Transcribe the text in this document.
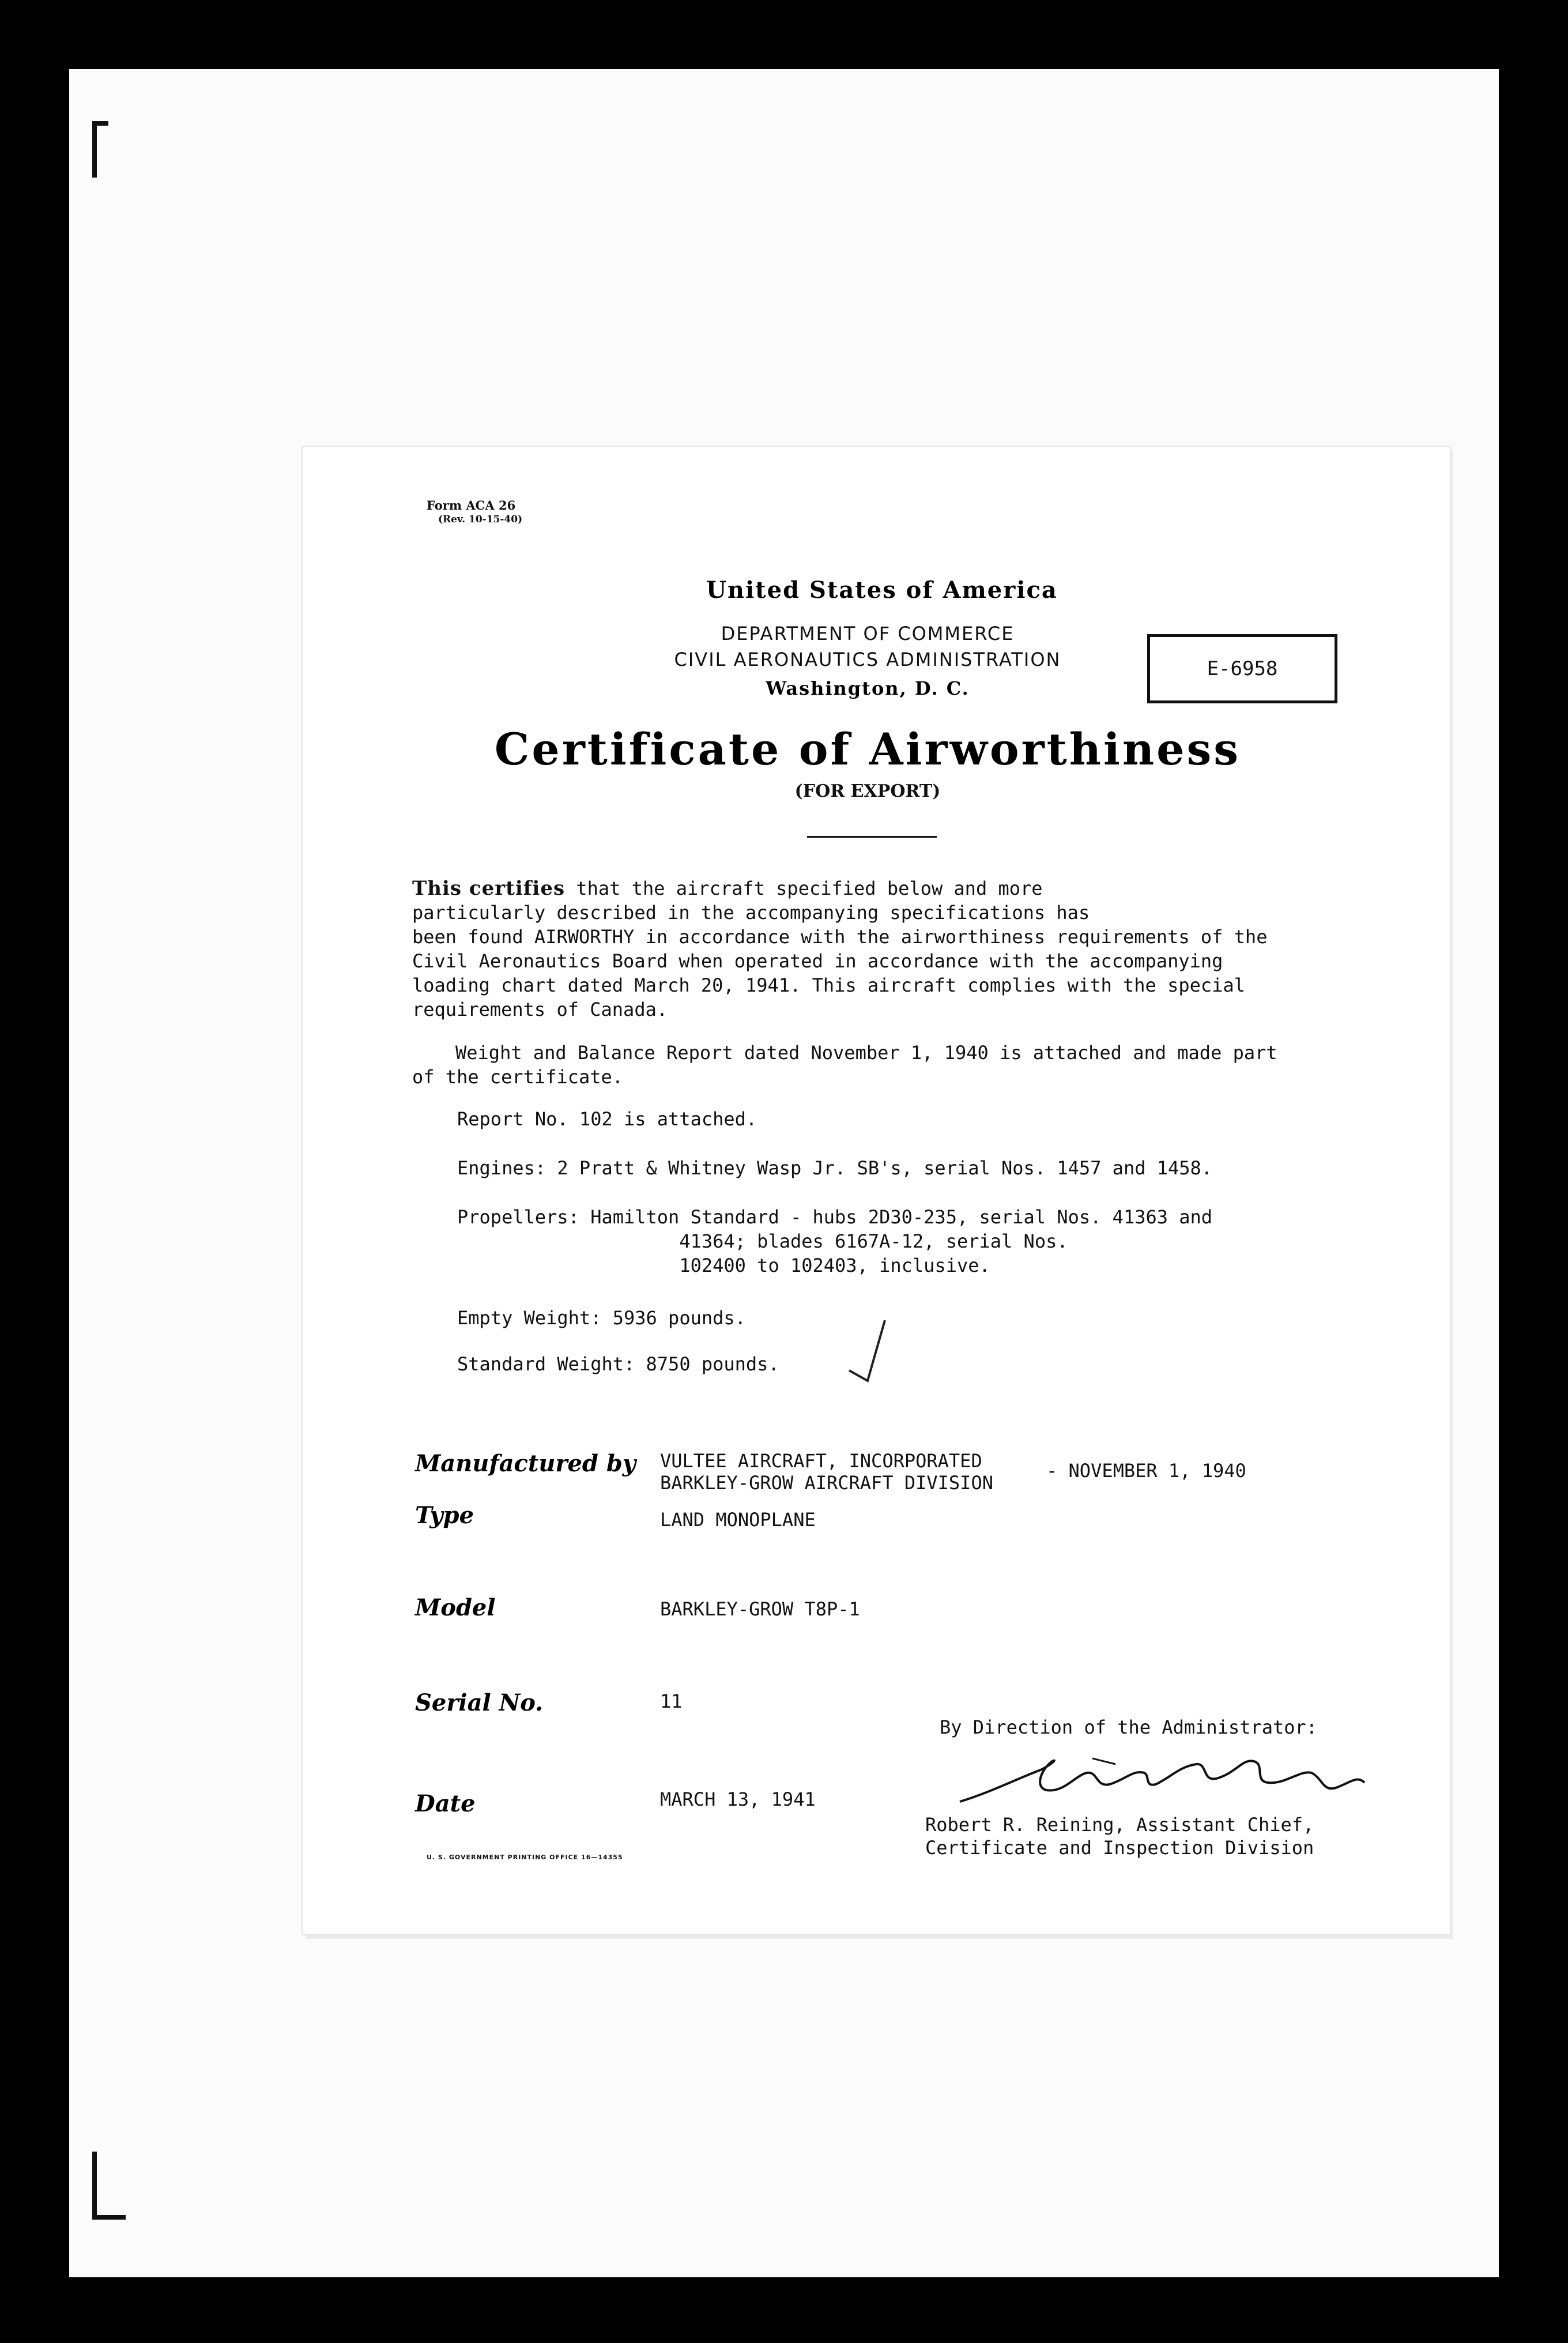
Form ACA 26
(Rev. 10-15-40)
United States of America
DEPARTMENT OF COMMERCE
CIVIL AERONAUTICS ADMINISTRATION
Washington, D. C.
E-6958
Certificate of Airworthiness
(FOR EXPORT)
This certifies that the aircraft specified below and more
particularly described in the accompanying specifications has
been found AIRWORTHY in accordance with the airworthiness requirements of the
Civil Aeronautics Board when operated in accordance with the accompanying
loading chart dated March 20, 1941. This aircraft complies with the special
requirements of Canada.
Weight and Balance Report dated November 1, 1940 is attached and made part
of the certificate.
Report No. 102 is attached.
Engines: 2 Pratt & Whitney Wasp Jr. SB's, serial Nos. 1457 and 1458.
Propellers: Hamilton Standard - hubs 2D30-235, serial Nos. 41363 and
41364; blades 6167A-12, serial Nos.
102400 to 102403, inclusive.
Empty Weight: 5936 pounds.
Standard Weight: 8750 pounds.
Manufactured by VULTEE AIRCRAFT, INCORPORATED
BARKLEY-GROW AIRCRAFT DIVISION
- NOVEMBER 1, 1940
Type	LAND MONOPLANE
Model	BARKLEY-GROW T8P-1
Serial No.	11
Date	MARCH 13, 1941
By Direction of the Administrator:
Robert R. Reining, Assistant Chief,
Certificate and Inspection Division
U. S. GOVERNMENT PRINTING OFFICE 16—14355
